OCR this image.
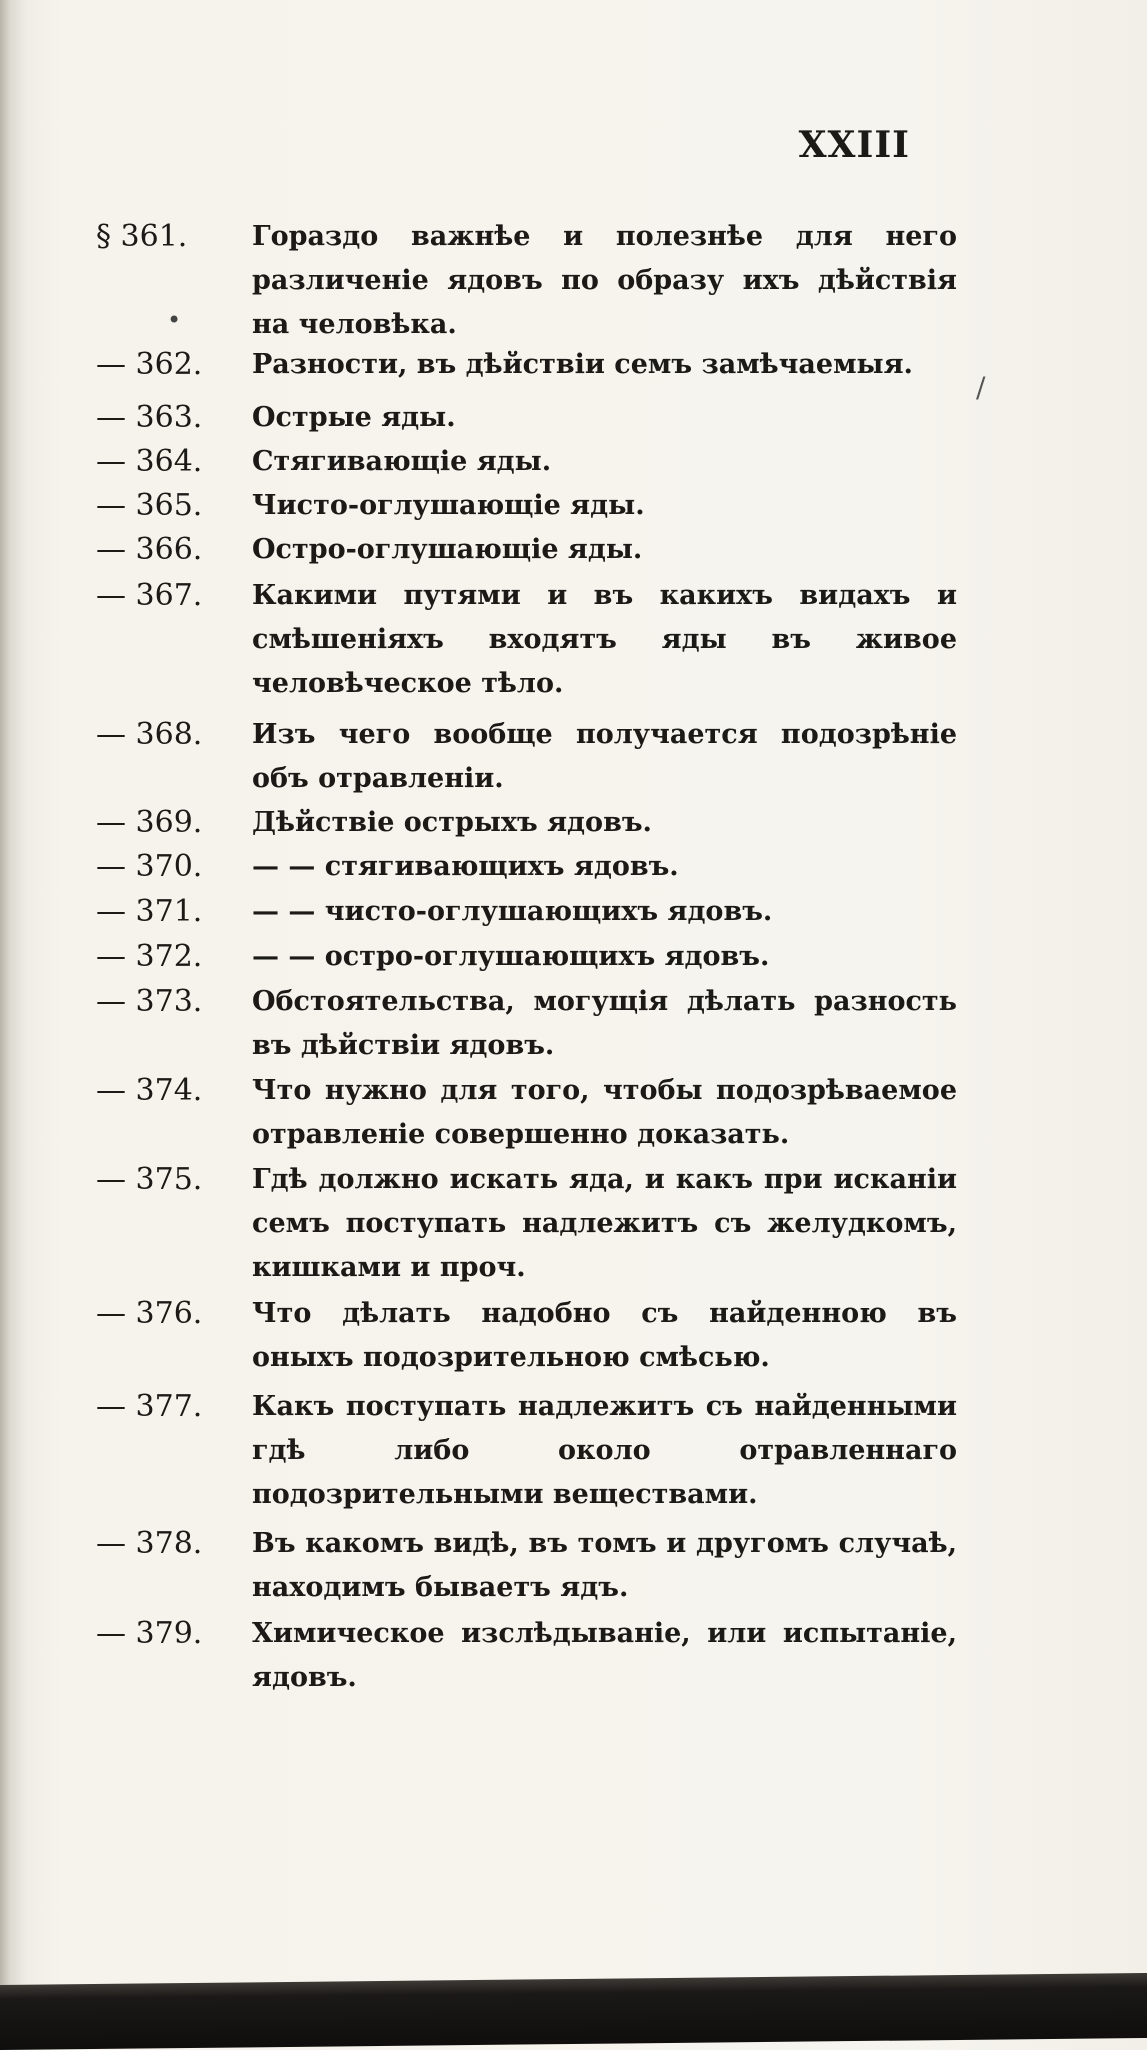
XXIII
•
/
§ 361.	Гораздо важнѣе и полезнѣе для него различенiе ядовъ по образу ихъ дѣйствiя на человѣка.
— 362.	Разности, въ дѣйствiи семъ замѣчаемыя.
— 363.	Острые яды.
— 364.	Стягивающiе яды.
— 365.	Чисто-оглушающiе яды.
— 366.	Остро-оглушающiе яды.
— 367.	Какими путями и въ какихъ видахъ и смѣшенiяхъ входятъ яды въ живое человѣческое тѣло.
— 368.	Изъ чего вообще получается подозрѣнiе объ отравленiи.
— 369.	Дѣйствiе острыхъ ядовъ.
— 370.	— — стягивающихъ ядовъ.
— 371.	— — чисто-оглушающихъ ядовъ.
— 372.	— — остро-оглушающихъ ядовъ.
— 373.	Обстоятельства, могущiя дѣлать разность въ дѣйствiи ядовъ.
— 374.	Что нужно для того, чтобы подозрѣваемое отравленiе совершенно доказать.
— 375.	Гдѣ должно искать яда, и какъ при исканiи семъ поступать надлежитъ съ желудкомъ, кишками и проч.
— 376.	Что дѣлать надобно съ найденною въ оныхъ подозрительною смѣсью.
— 377.	Какъ поступать надлежитъ съ найденными гдѣ либо около отравленнаго подозрительными веществами.
— 378.	Въ какомъ видѣ, въ томъ и другомъ случаѣ, находимъ бываетъ ядъ.
— 379.	Химическое изслѣдыванiе, или испытанiе, ядовъ.
